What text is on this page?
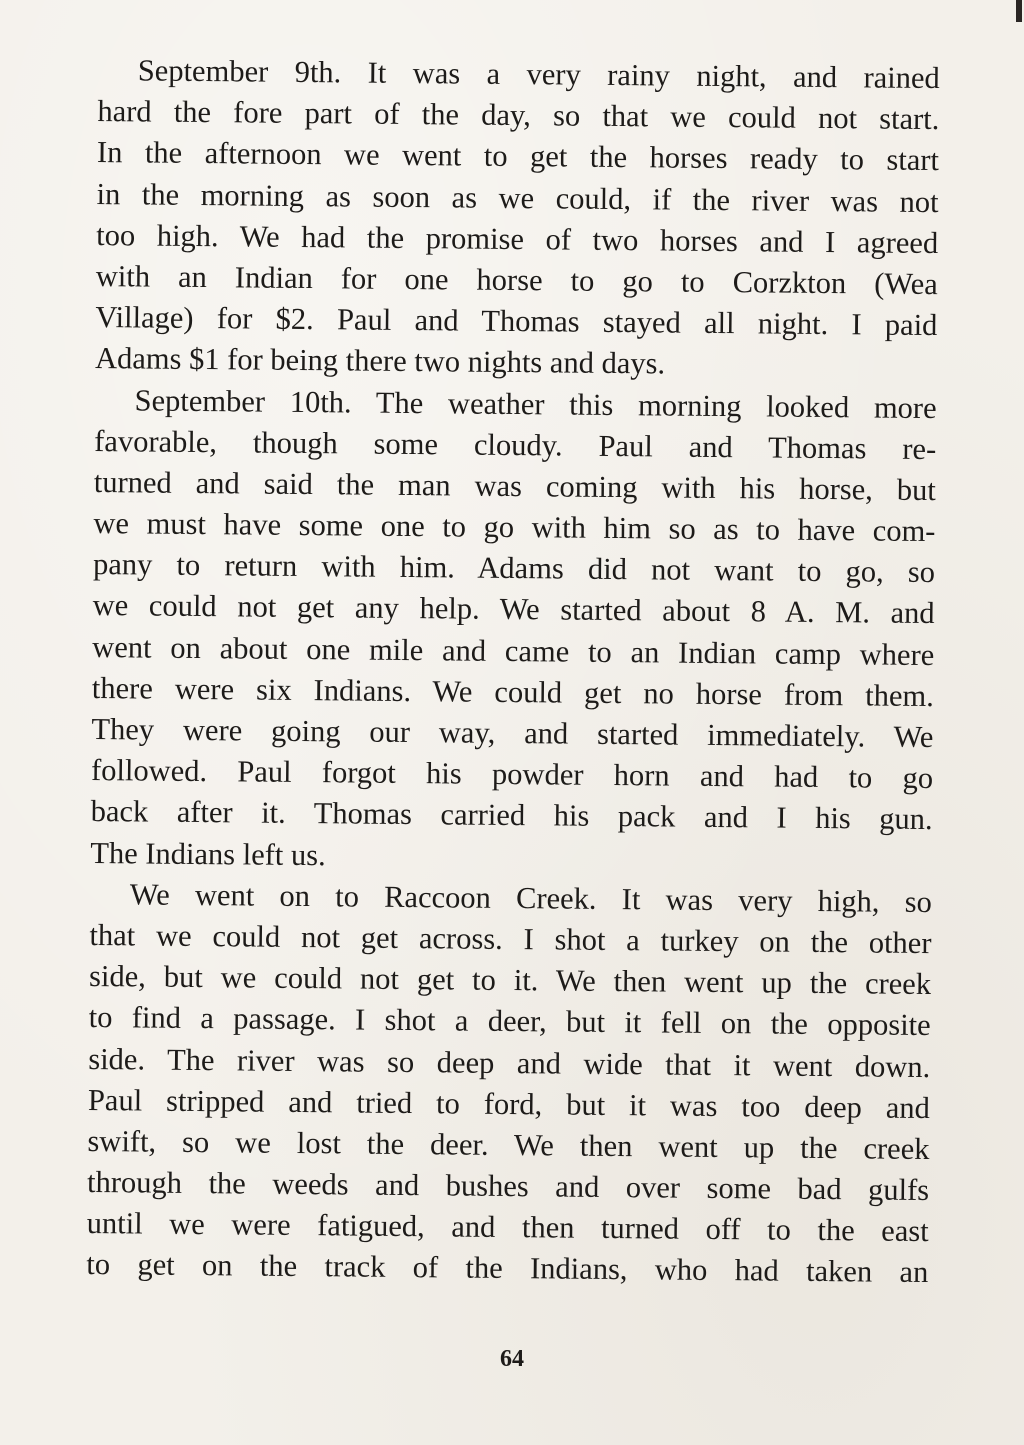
September 9th. It was a very rainy night, and rained
hard the fore part of the day, so that we could not start.
In the afternoon we went to get the horses ready to start
in the morning as soon as we could, if the river was not
too high. We had the promise of two horses and I agreed
with an Indian for one horse to go to Corzkton (Wea
Village) for $2. Paul and Thomas stayed all night. I paid
Adams $1 for being there two nights and days.

September 10th. The weather this morning looked more
favorable, though some cloudy. Paul and Thomas re-
turned and said the man was coming with his horse, but
we must have some one to go with him so as to have com-
pany to return with him. Adams did not want to go, so
we could not get any help. We started about 8 A. M. and
went on about one mile and came to an Indian camp where
there were six Indians. We could get no horse from them.
They were going our way, and started immediately. We
followed. Paul forgot his powder horn and had to go
back after it. Thomas carried his pack and I his gun.
The Indians left us.

We went on to Raccoon Creek. It was very high, so
that we could not get across. I shot a turkey on the other
side, but we could not get to it. We then went up the creek
to find a passage. I shot a deer, but it fell on the opposite
side. The river was so deep and wide that it went down.
Paul stripped and tried to ford, but it was too deep and
swift, so we lost the deer. We then went up the creek
through the weeds and bushes and over some bad gulfs
until we were fatigued, and then turned off to the east
to get on the track of the Indians, who had taken an

64
